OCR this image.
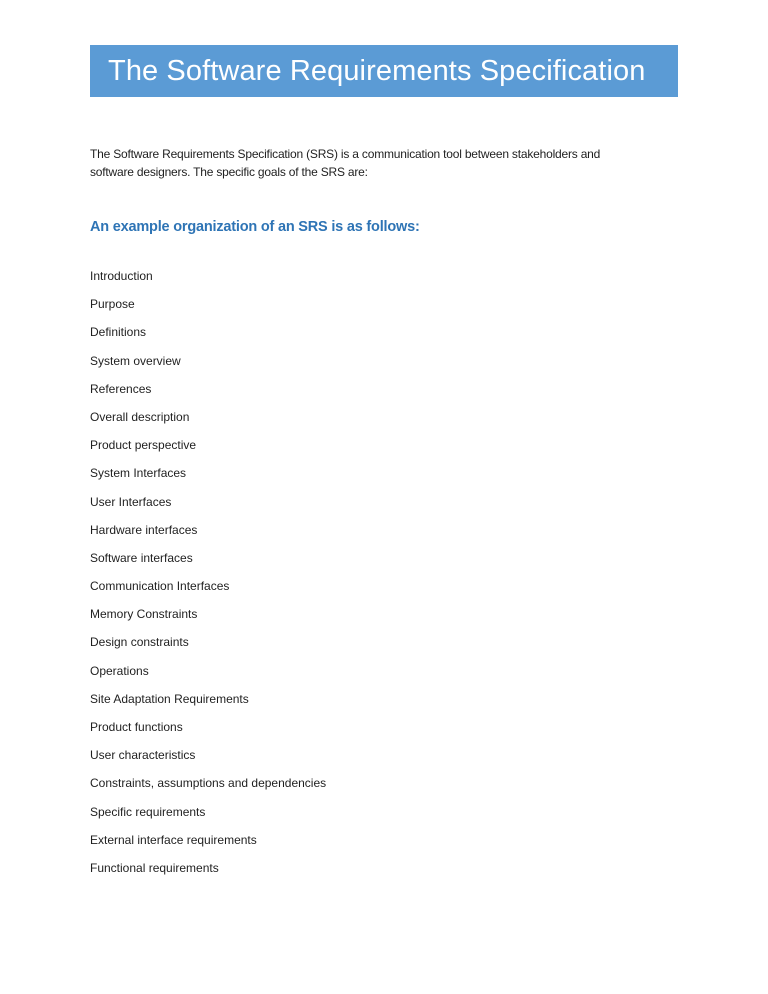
The Software Requirements Specification
The Software Requirements Specification (SRS) is a communication tool between stakeholders and
software designers. The specific goals of the SRS are:
An example organization of an SRS is as follows:
Introduction
Purpose
Definitions
System overview
References
Overall description
Product perspective
System Interfaces
User Interfaces
Hardware interfaces
Software interfaces
Communication Interfaces
Memory Constraints
Design constraints
Operations
Site Adaptation Requirements
Product functions
User characteristics
Constraints, assumptions and dependencies
Specific requirements
External interface requirements
Functional requirements
